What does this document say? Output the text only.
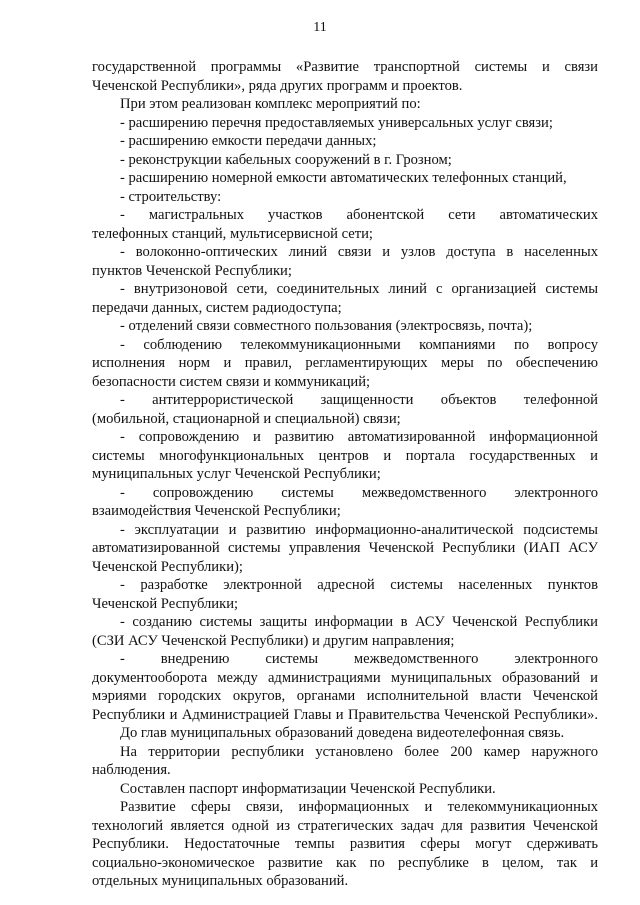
11
государственной программы «Развитие транспортной системы и связи
Чеченской Республики», ряда других программ и проектов.
При этом реализован комплекс мероприятий по:
- расширению перечня предоставляемых универсальных услуг связи;
- расширению емкости передачи данных;
- реконструкции кабельных сооружений в г. Грозном;
- расширению номерной емкости автоматических телефонных станций,
- строительству:
- магистральных участков абонентской сети автоматических
телефонных станций, мультисервисной сети;
- волоконно-оптических линий связи и узлов доступа в населенных
пунктов Чеченской Республики;
- внутризоновой сети, соединительных линий с организацией системы
передачи данных, систем радиодоступа;
- отделений связи совместного пользования (электросвязь, почта);
- соблюдению телекоммуникационными компаниями по вопросу
исполнения норм и правил, регламентирующих меры по обеспечению
безопасности систем связи и коммуникаций;
- антитеррористической защищенности объектов телефонной
(мобильной, стационарной и специальной) связи;
- сопровождению и развитию автоматизированной информационной
системы многофункциональных центров и портала государственных и
муниципальных услуг Чеченской Республики;
- сопровождению системы межведомственного электронного
взаимодействия Чеченской Республики;
- эксплуатации и развитию информационно-аналитической подсистемы
автоматизированной системы управления Чеченской Республики (ИАП АСУ
Чеченской Республики);
- разработке электронной адресной системы населенных пунктов
Чеченской Республики;
- созданию системы защиты информации в АСУ Чеченской Республики
(СЗИ АСУ Чеченской Республики) и другим направления;
- внедрению системы межведомственного электронного
документооборота между администрациями муниципальных образований и
мэриями городских округов, органами исполнительной власти Чеченской
Республики и Администрацией Главы и Правительства Чеченской Республики».
До глав муниципальных образований доведена видеотелефонная связь.
На территории республики установлено более 200 камер наружного
наблюдения.
Составлен паспорт информатизации Чеченской Республики.
Развитие сферы связи, информационных и телекоммуникационных
технологий является одной из стратегических задач для развития Чеченской
Республики. Недостаточные темпы развития сферы могут сдерживать
социально-экономическое развитие как по республике в целом, так и
отдельных муниципальных образований.
